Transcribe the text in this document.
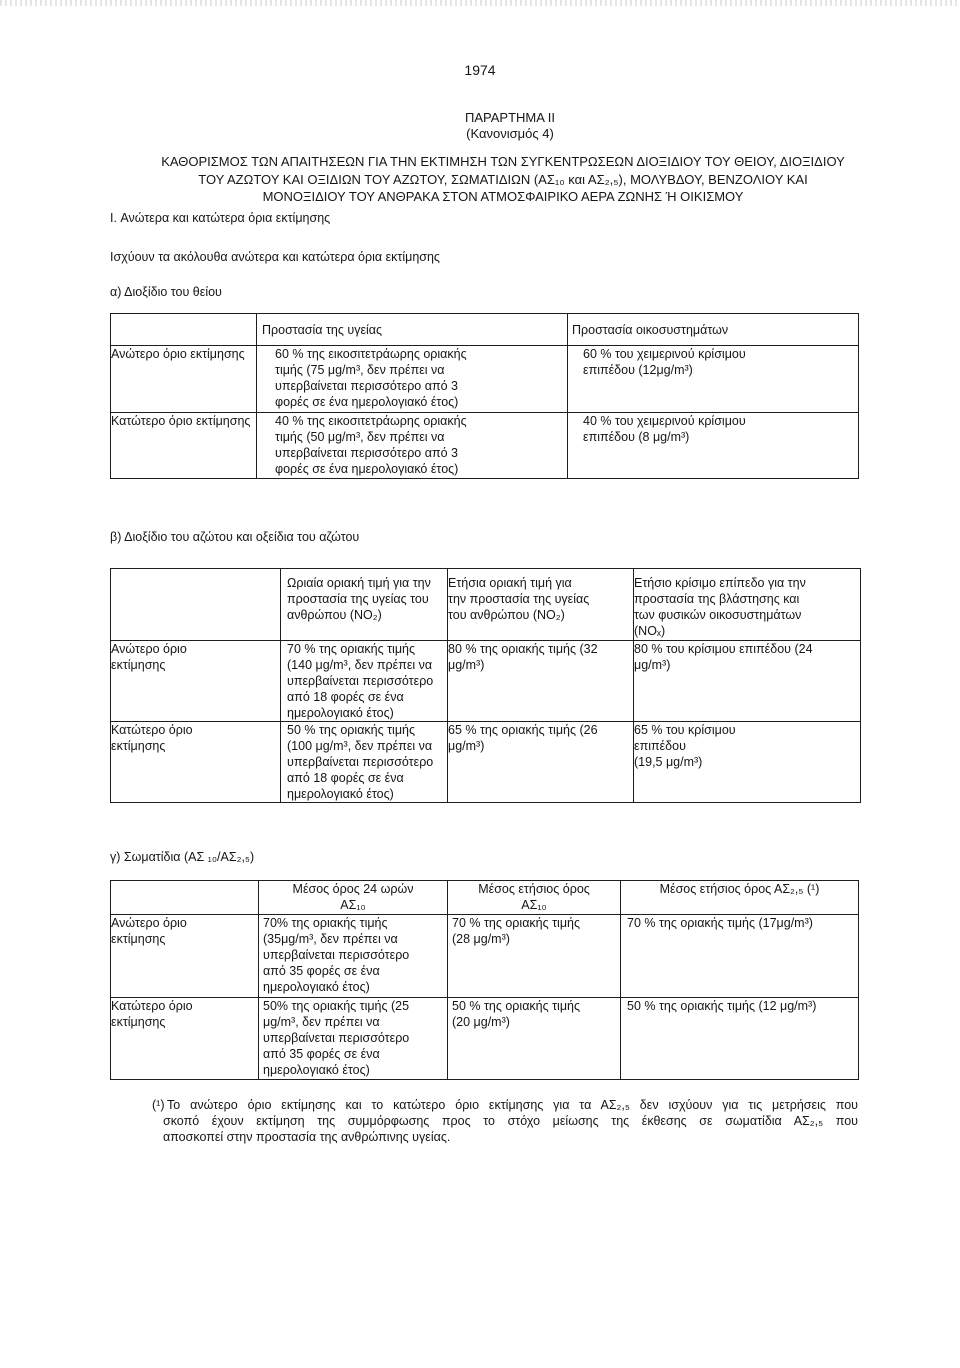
1974
ΠΑΡΑΡΤΗΜΑ II
(Κανονισμός 4)
ΚΑΘΟΡΙΣΜΟΣ ΤΩΝ ΑΠΑΙΤΗΣΕΩΝ ΓΙΑ ΤΗΝ ΕΚΤΙΜΗΣΗ ΤΩΝ ΣΥΓΚΕΝΤΡΩΣΕΩΝ ΔΙΟΞΙΔΙΟΥ ΤΟΥ ΘΕΙΟΥ, ΔΙΟΞΙΔΙΟΥ
ΤΟΥ ΑΖΩΤΟΥ ΚΑΙ ΟΞΙΔΙΩΝ ΤΟΥ ΑΖΩΤΟΥ, ΣΩΜΑΤΙΔΙΩΝ (ΑΣ₁₀ και ΑΣ₂,₅), ΜΟΛΥΒΔΟΥ, ΒΕΝΖΟΛΙΟΥ ΚΑΙ
ΜΟΝΟΞΙΔΙΟΥ ΤΟΥ ΑΝΘΡΑΚΑ ΣΤΟΝ ΑΤΜΟΣΦΑΙΡΙΚΟ ΑΕΡΑ ΖΩΝΗΣ Ή ΟΙΚΙΣΜΟΥ
I. Ανώτερα και κατώτερα όρια εκτίμησης
Ισχύουν τα ακόλουθα ανώτερα και κατώτερα όρια εκτίμησης
α) Διοξίδιο του θείου
	Προστασία της υγείας	Προστασία οικοσυστημάτων
Ανώτερο όριο εκτίμησης	60 % της εικοσιτετράωρης οριακής
τιμής (75 μg/m³, δεν πρέπει να
υπερβαίνεται περισσότερο από 3
φορές σε ένα ημερολογιακό έτος)	60 % του χειμερινού κρίσιμου
επιπέδου (12μg/m³)
Κατώτερο όριο εκτίμησης	40 % της εικοσιτετράωρης οριακής
τιμής (50 μg/m³, δεν πρέπει να
υπερβαίνεται περισσότερο από 3
φορές σε ένα ημερολογιακό έτος)	40 % του χειμερινού κρίσιμου
επιπέδου (8 μg/m³)
β) Διοξίδιο του αζώτου και οξείδια του αζώτου
	Ωριαία οριακή τιμή για την
προστασία της υγείας του
ανθρώπου (NO₂)	Ετήσια οριακή τιμή για
την προστασία της υγείας
του ανθρώπου (NO₂)	Ετήσιο κρίσιμο επίπεδο για την
προστασία της βλάστησης και
των φυσικών οικοσυστημάτων
(NOₓ)
Ανώτερο όριο
εκτίμησης	70 % της οριακής τιμής
(140 μg/m³, δεν πρέπει να
υπερβαίνεται περισσότερο
από 18 φορές σε ένα
ημερολογιακό έτος)	80 % της οριακής τιμής (32
μg/m³)	80 % του κρίσιμου επιπέδου (24
μg/m³)
Κατώτερο όριο
εκτίμησης	50 % της οριακής τιμής
(100 μg/m³, δεν πρέπει να
υπερβαίνεται περισσότερο
από 18 φορές σε ένα
ημερολογιακό έτος)	65 % της οριακής τιμής (26
μg/m³)	65 % του κρίσιμου
επιπέδου
(19,5 μg/m³)
γ) Σωματίδια (ΑΣ ₁₀/ΑΣ₂,₅)
	Μέσος όρος 24 ωρών
ΑΣ₁₀	Μέσος ετήσιος όρος
ΑΣ₁₀	Μέσος ετήσιος όρος ΑΣ₂,₅ (¹)
Ανώτερο όριο
εκτίμησης	70% της οριακής τιμής
(35μg/m³, δεν πρέπει να
υπερβαίνεται περισσότερο
από 35 φορές σε ένα
ημερολογιακό έτος)	70 % της οριακής τιμής
(28 μg/m³)	70 % της οριακής τιμής (17μg/m³)
Κατώτερο όριο
εκτίμησης	50% της οριακής τιμής (25
μg/m³, δεν πρέπει να
υπερβαίνεται περισσότερο
από 35 φορές σε ένα
ημερολογιακό έτος)	50 % της οριακής τιμής
(20 μg/m³)	50 % της οριακής τιμής (12 μg/m³)
(¹) Το ανώτερο όριο εκτίμησης και το κατώτερο όριο εκτίμησης για τα ΑΣ₂,₅ δεν ισχύουν για τις μετρήσεις που
σκοπό έχουν εκτίμηση της συμμόρφωσης προς το στόχο μείωσης της έκθεσης σε σωματίδια ΑΣ₂,₅ που
αποσκοπεί στην προστασία της ανθρώπινης υγείας.
